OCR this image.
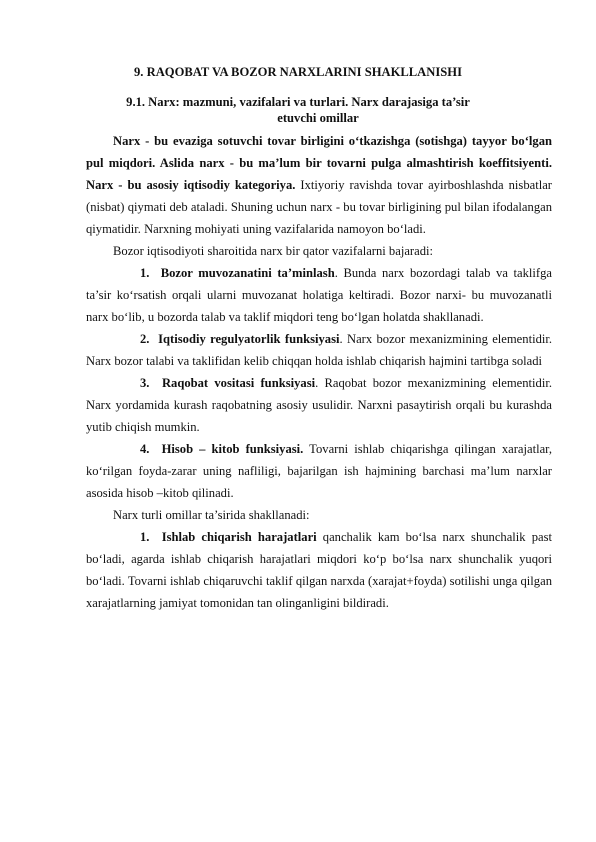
9. RAQOBAT VA BOZOR NARXLARINI SHAKLLANISHI
9.1. Narx: mazmuni, vazifalari va turlari. Narx darajasiga ta’sir
etuvchi omillar

Narx - bu evaziga sotuvchi tovar birligini o‘tkazishga (sotishga) tayyor bo‘lgan pul miqdori. Aslida narx - bu ma’lum bir tovarni pulga almashtirish koeffitsiyenti. Narx - bu asosiy iqtisodiy kategoriya. Ixtiyoriy ravishda tovar ayirboshlashda nisbatlar (nisbat) qiymati deb ataladi. Shuning uchun narx - bu tovar birligining pul bilan ifodalangan qiymatidir. Narxning mohiyati uning vazifalarida namoyon bo‘ladi.

Bozor iqtisodiyoti sharoitida narx bir qator vazifalarni bajaradi:

1. Bozor muvozanatini ta’minlash. Bunda narx bozordagi talab va taklifga ta’sir ko‘rsatish orqali ularni muvozanat holatiga keltiradi. Bozor narxi- bu muvozanatli narx bo‘lib, u bozorda talab va taklif miqdori teng bo‘lgan holatda shakllanadi.

2. Iqtisodiy regulyatorlik funksiyasi. Narx bozor mexanizmining elementidir. Narx bozor talabi va taklifidan kelib chiqqan holda ishlab chiqarish hajmini tartibga soladi

3. Raqobat vositasi funksiyasi. Raqobat bozor mexanizmining elementidir. Narx yordamida kurash raqobatning asosiy usulidir. Narxni pasaytirish orqali bu kurashda yutib chiqish mumkin.

4. Hisob – kitob funksiyasi. Tovarni ishlab chiqarishga qilingan xarajatlar, ko‘rilgan foyda-zarar uning nafliligi, bajarilgan ish hajmining barchasi ma’lum narxlar asosida hisob –kitob qilinadi.

Narx turli omillar ta’sirida shakllanadi:

1. Ishlab chiqarish harajatlari qanchalik kam bo‘lsa narx shunchalik past bo‘ladi, agarda ishlab chiqarish harajatlari miqdori ko‘p bo‘lsa narx shunchalik yuqori bo‘ladi. Tovarni ishlab chiqaruvchi taklif qilgan narxda (xarajat+foyda) sotilishi unga qilgan xarajatlarning jamiyat tomonidan tan olinganligini bildiradi.
